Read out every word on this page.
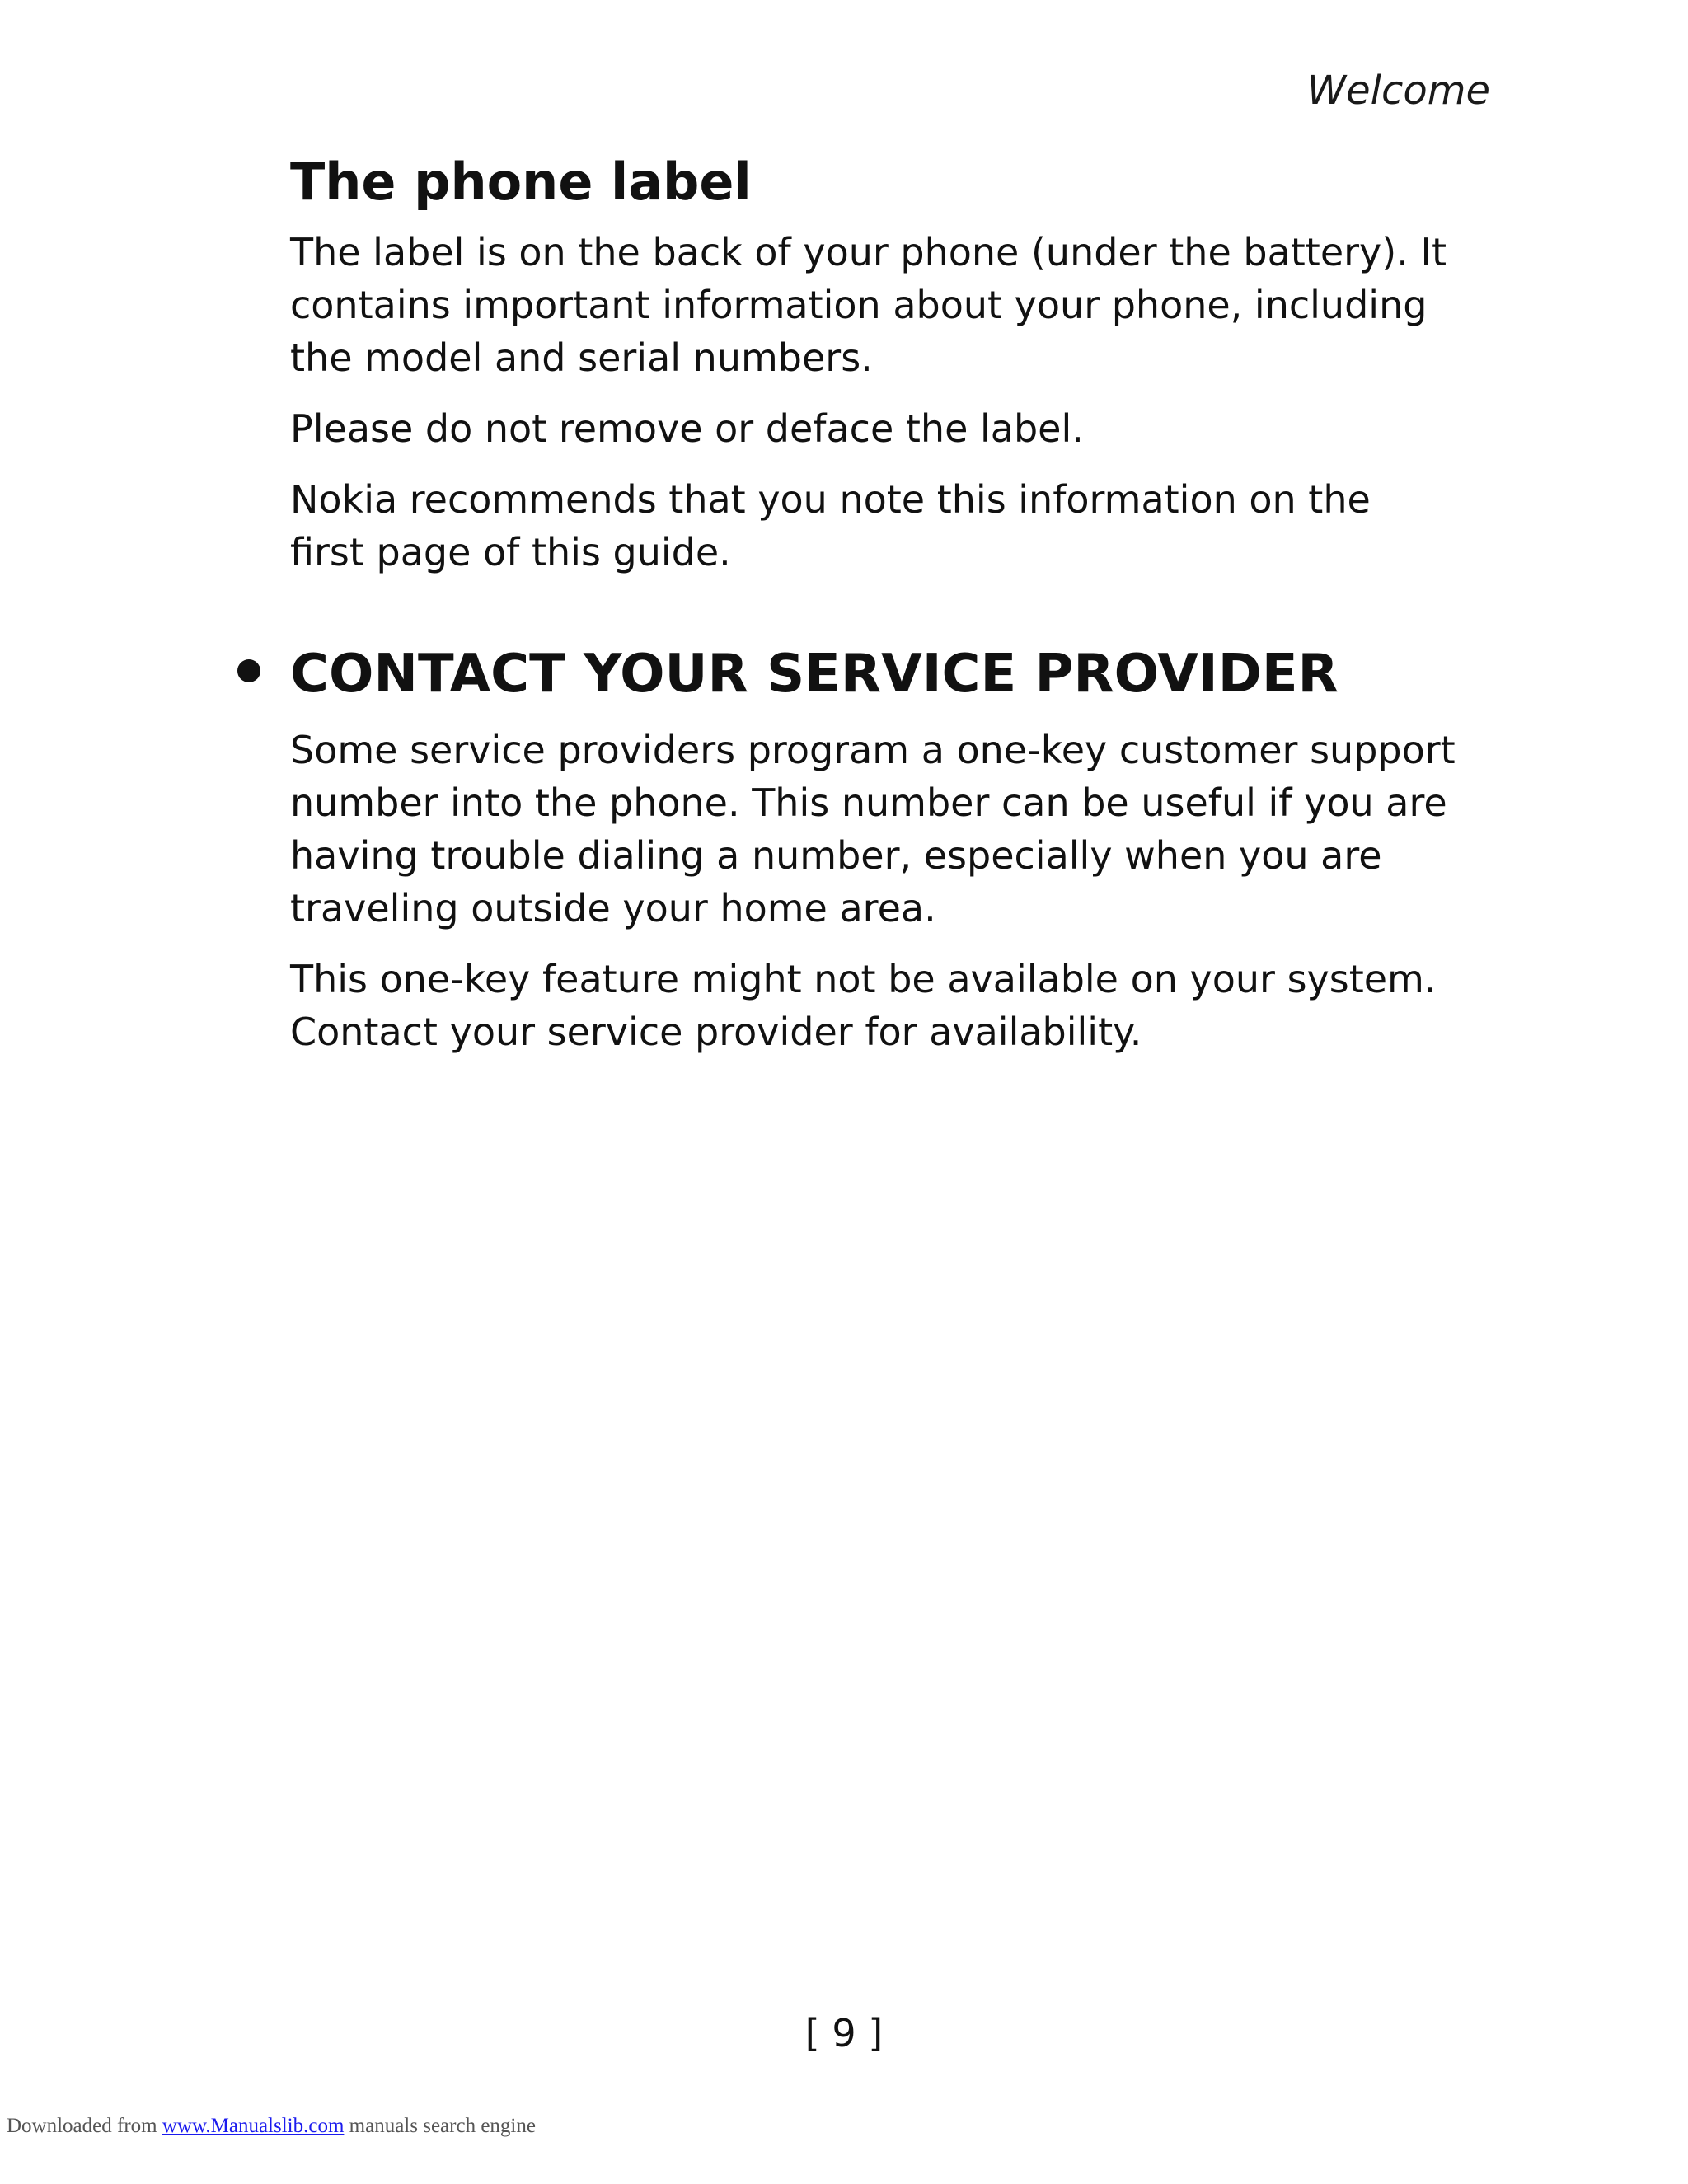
Welcome
The phone label

The label is on the back of your phone (under the battery). It contains important information about your phone, including the model and serial numbers.

Please do not remove or deface the label.

Nokia recommends that you note this information on the first page of this guide.

CONTACT YOUR SERVICE PROVIDER

Some service providers program a one-key customer support number into the phone. This number can be useful if you are having trouble dialing a number, especially when you are traveling outside your home area.

This one-key feature might not be available on your system. Contact your service provider for availability.

[ 9 ]
Downloaded from www.Manualslib.com manuals search engine
